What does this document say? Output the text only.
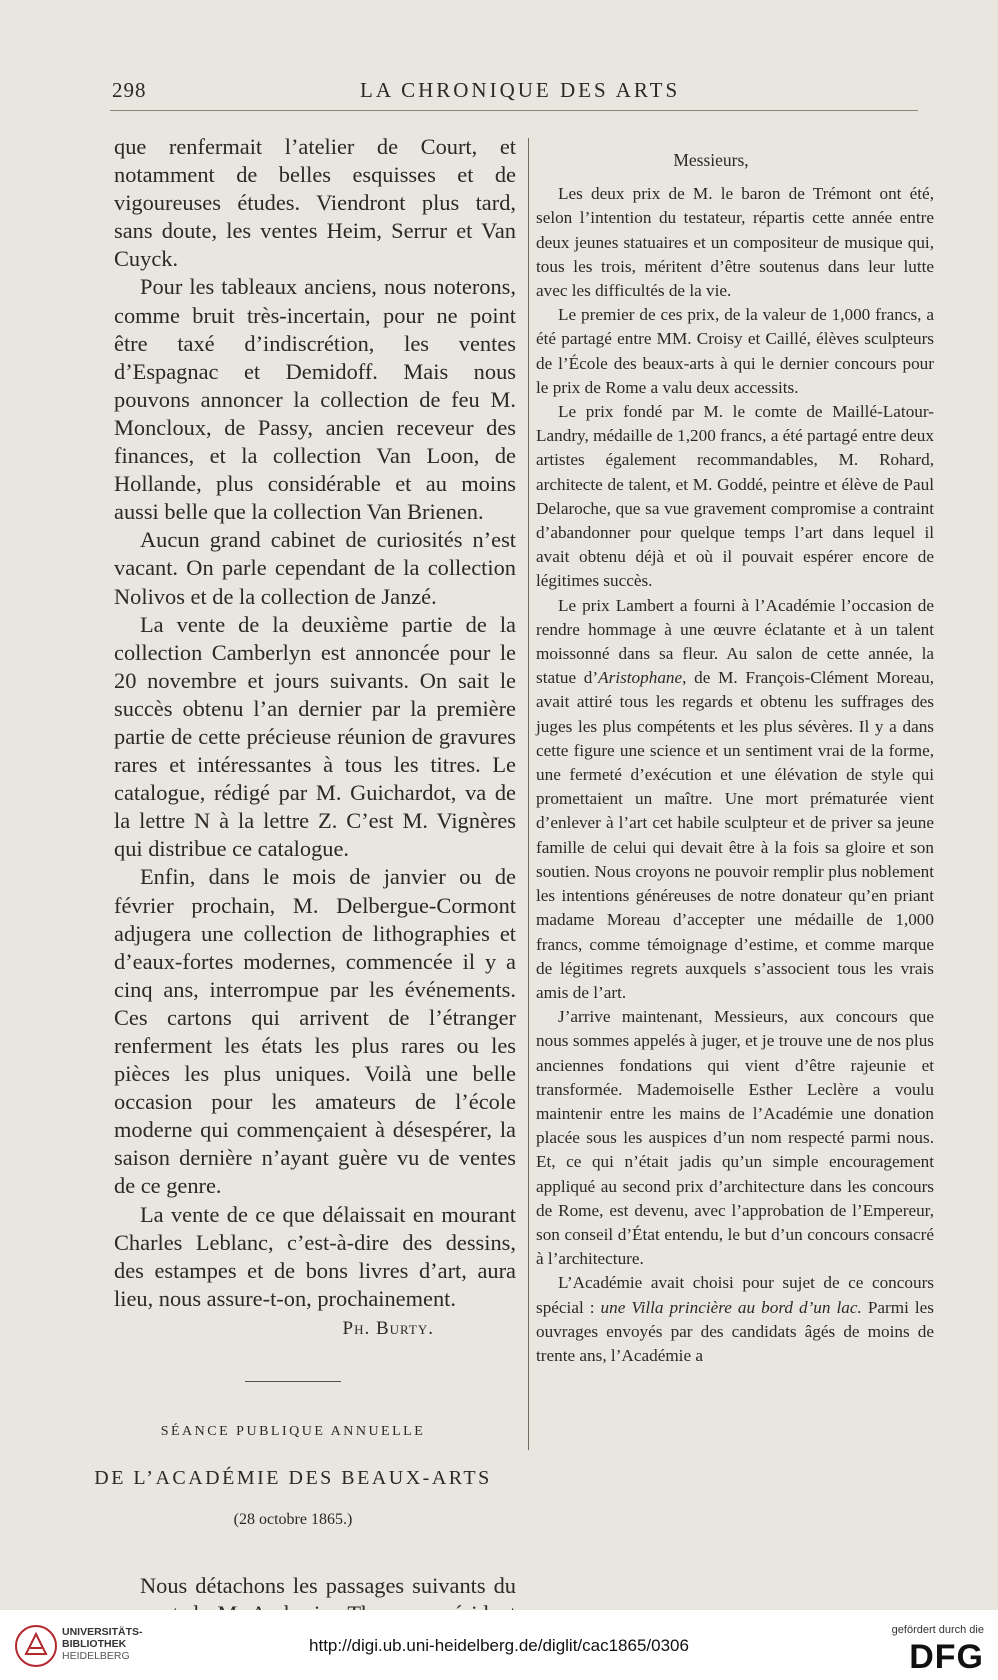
298	LA CHRONIQUE DES ARTS

que renfermait l’atelier de Court, et notamment de belles esquisses et de vigoureuses études. Viendront plus tard, sans doute, les ventes Heim, Serrur et Van Cuyck.

Pour les tableaux anciens, nous noterons, comme bruit très-incertain, pour ne point être taxé d’indiscrétion, les ventes d’Espagnac et Demidoff. Mais nous pouvons annoncer la collection de feu M. Moncloux, de Passy, ancien receveur des finances, et la collection Van Loon, de Hollande, plus considérable et au moins aussi belle que la collection Van Brienen.

Aucun grand cabinet de curiosités n’est vacant. On parle cependant de la collection Nolivos et de la collection de Janzé.

La vente de la deuxième partie de la collection Camberlyn est annoncée pour le 20 novembre et jours suivants. On sait le succès obtenu l’an dernier par la première partie de cette précieuse réunion de gravures rares et intéressantes à tous les titres. Le catalogue, rédigé par M. Guichardot, va de la lettre N à la lettre Z. C’est M. Vignères qui distribue ce catalogue.

Enfin, dans le mois de janvier ou de février prochain, M. Delbergue-Cormont adjugera une collection de lithographies et d’eaux-fortes modernes, commencée il y a cinq ans, interrompue par les événements. Ces cartons qui arrivent de l’étranger renferment les états les plus rares ou les pièces les plus uniques. Voilà une belle occasion pour les amateurs de l’école moderne qui commençaient à désespérer, la saison dernière n’ayant guère vu de ventes de ce genre.

La vente de ce que délaissait en mourant Charles Leblanc, c’est-à-dire des dessins, des estampes et de bons livres d’art, aura lieu, nous assure-t-on, prochainement.

Ph. Burty.
SÉANCE PUBLIQUE ANNUELLE
DE L’ACADÉMIE DES BEAUX-ARTS
(28 octobre 1865.)

Nous détachons les passages suivants du

Messieurs,

Les deux prix de M. le baron de Trémont ont été, selon l’intention du testateur, répartis cette année entre deux jeunes statuaires et un compositeur de musique qui, tous les trois, méritent d’être soutenus dans leur lutte avec les difficultés de la vie.

Le premier de ces prix, de la valeur de 1,000 francs, a été partagé entre MM. Croisy et Caillé, élèves sculpteurs de l’École des beaux-arts à qui le dernier concours pour le prix de Rome a valu deux accessits.

Le prix fondé par M. le comte de Maillé-Latour-Landry, médaille de 1,200 francs, a été partagé entre deux artistes également recommandables, M. Rohard, architecte de talent, et M. Goddé, peintre et élève de Paul Delaroche, que sa vue gravement compromise a contraint d’abandonner pour quelque temps l’art dans lequel il avait obtenu déjà et où il pouvait espérer encore de légitimes succès.

Le prix Lambert a fourni à l’Académie l’occasion de rendre hommage à une œuvre éclatante et à un talent moissonné dans sa fleur. Au salon de cette année, la statue d’Aristophane, de M. François-Clément Moreau, avait attiré tous les regards et obtenu les suffrages des juges les plus compétents et les plus sévères. Il y a dans cette figure une science et un sentiment vrai de la forme, une fermeté d’exécution et une élévation de style qui promettaient un maître. Une mort prématurée vient d’enlever à l’art cet habile sculpteur et de priver sa jeune famille de celui qui devait être à la fois sa gloire et son soutien. Nous croyons ne pouvoir remplir plus noblement les intentions généreuses de notre donateur qu’en priant madame Moreau d’accepter une médaille de 1,000 francs, comme témoignage d’estime, et comme marque de légitimes regrets auxquels s’associent tous les vrais amis de l’art.

J’arrive maintenant, Messieurs, aux concours que nous sommes appelés à juger, et je trouve une de nos plus anciennes fondations qui vient d’être rajeunie et transformée. Mademoiselle Esther Leclère a voulu maintenir entre les mains de l’Académie une donation placée sous les auspices d’un nom respecté parmi nous. Et, ce qui n’était jadis qu’un simple encouragement appliqué au second prix d’architecture dans les concours de Rome, est devenu, avec l’approbation de l’Empereur, son conseil d’État entendu, le but d’un concours consacré à l’architecture.

L’Académie avait choisi pour sujet de ce concours spécial : une Villa princière au bord d’un lac. Parmi les ouvrages envoyés par des candidats âgés de moins de trente ans, l’Académie a

UNIVERSITÄTS-
BIBLIOTHEK
HEIDELBERG
http://digi.ub.uni-heidelberg.de/diglit/cac1865/0306
gefördert durch die
DFG
